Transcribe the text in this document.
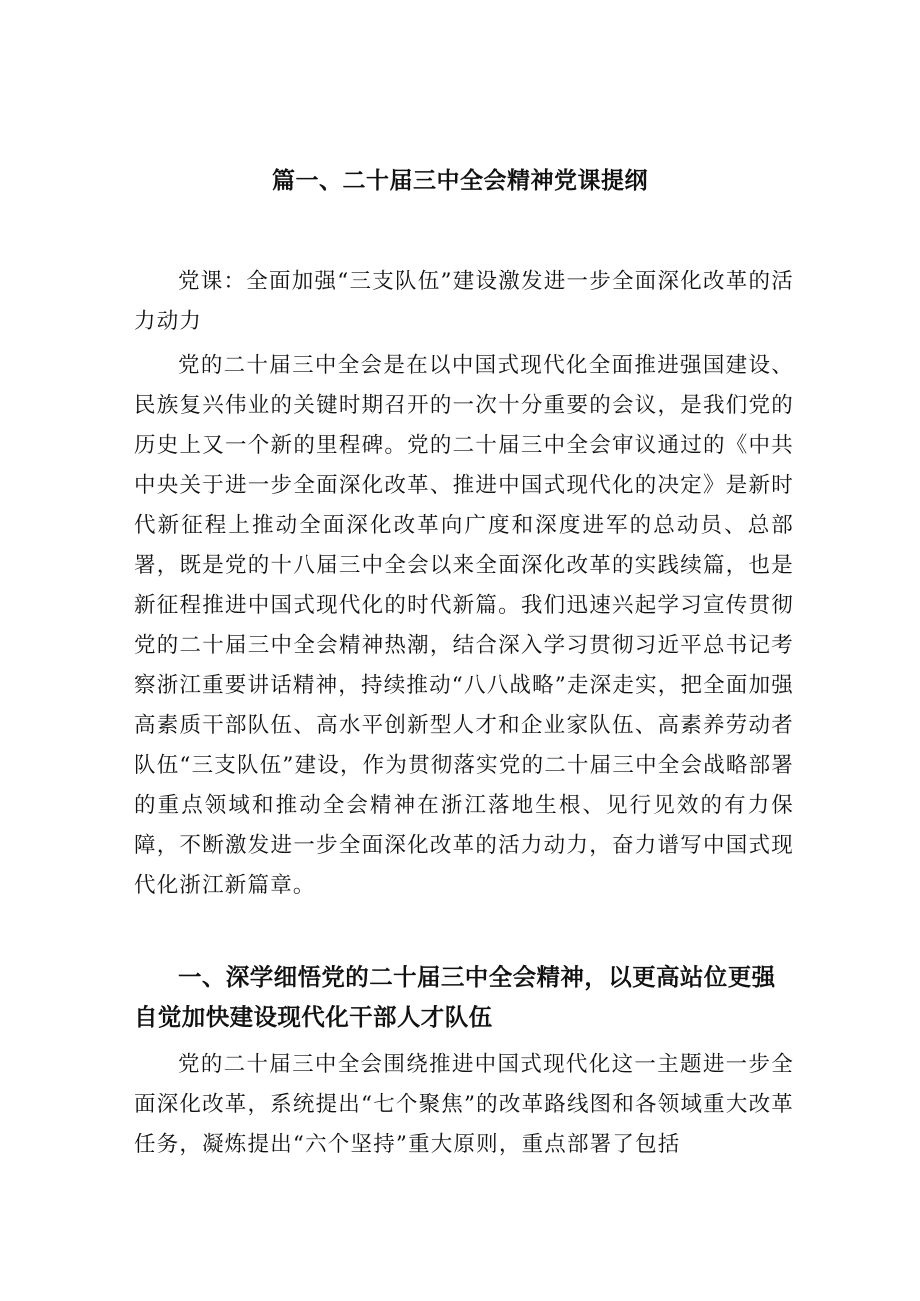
篇一、二十届三中全会精神党课提纲

党课：全面加强“三支队伍”建设激发进一步全面深化改革的活力动力

党的二十届三中全会是在以中国式现代化全面推进强国建设、民族复兴伟业的关键时期召开的一次十分重要的会议，是我们党的历史上又一个新的里程碑。党的二十届三中全会审议通过的《中共中央关于进一步全面深化改革、推进中国式现代化的决定》是新时代新征程上推动全面深化改革向广度和深度进军的总动员、总部署，既是党的十八届三中全会以来全面深化改革的实践续篇，也是新征程推进中国式现代化的时代新篇。我们迅速兴起学习宣传贯彻党的二十届三中全会精神热潮，结合深入学习贯彻习近平总书记考察浙江重要讲话精神，持续推动“八八战略”走深走实，把全面加强高素质干部队伍、高水平创新型人才和企业家队伍、高素养劳动者队伍“三支队伍”建设，作为贯彻落实党的二十届三中全会战略部署的重点领域和推动全会精神在浙江落地生根、见行见效的有力保障，不断激发进一步全面深化改革的活力动力，奋力谱写中国式现代化浙江新篇章。

一、深学细悟党的二十届三中全会精神，以更高站位更强自觉加快建设现代化干部人才队伍

党的二十届三中全会围绕推进中国式现代化这一主题进一步全面深化改革，系统提出“七个聚焦”的改革路线图和各领域重大改革任务，凝炼提出“六个坚持”重大原则，重点部署了包括
